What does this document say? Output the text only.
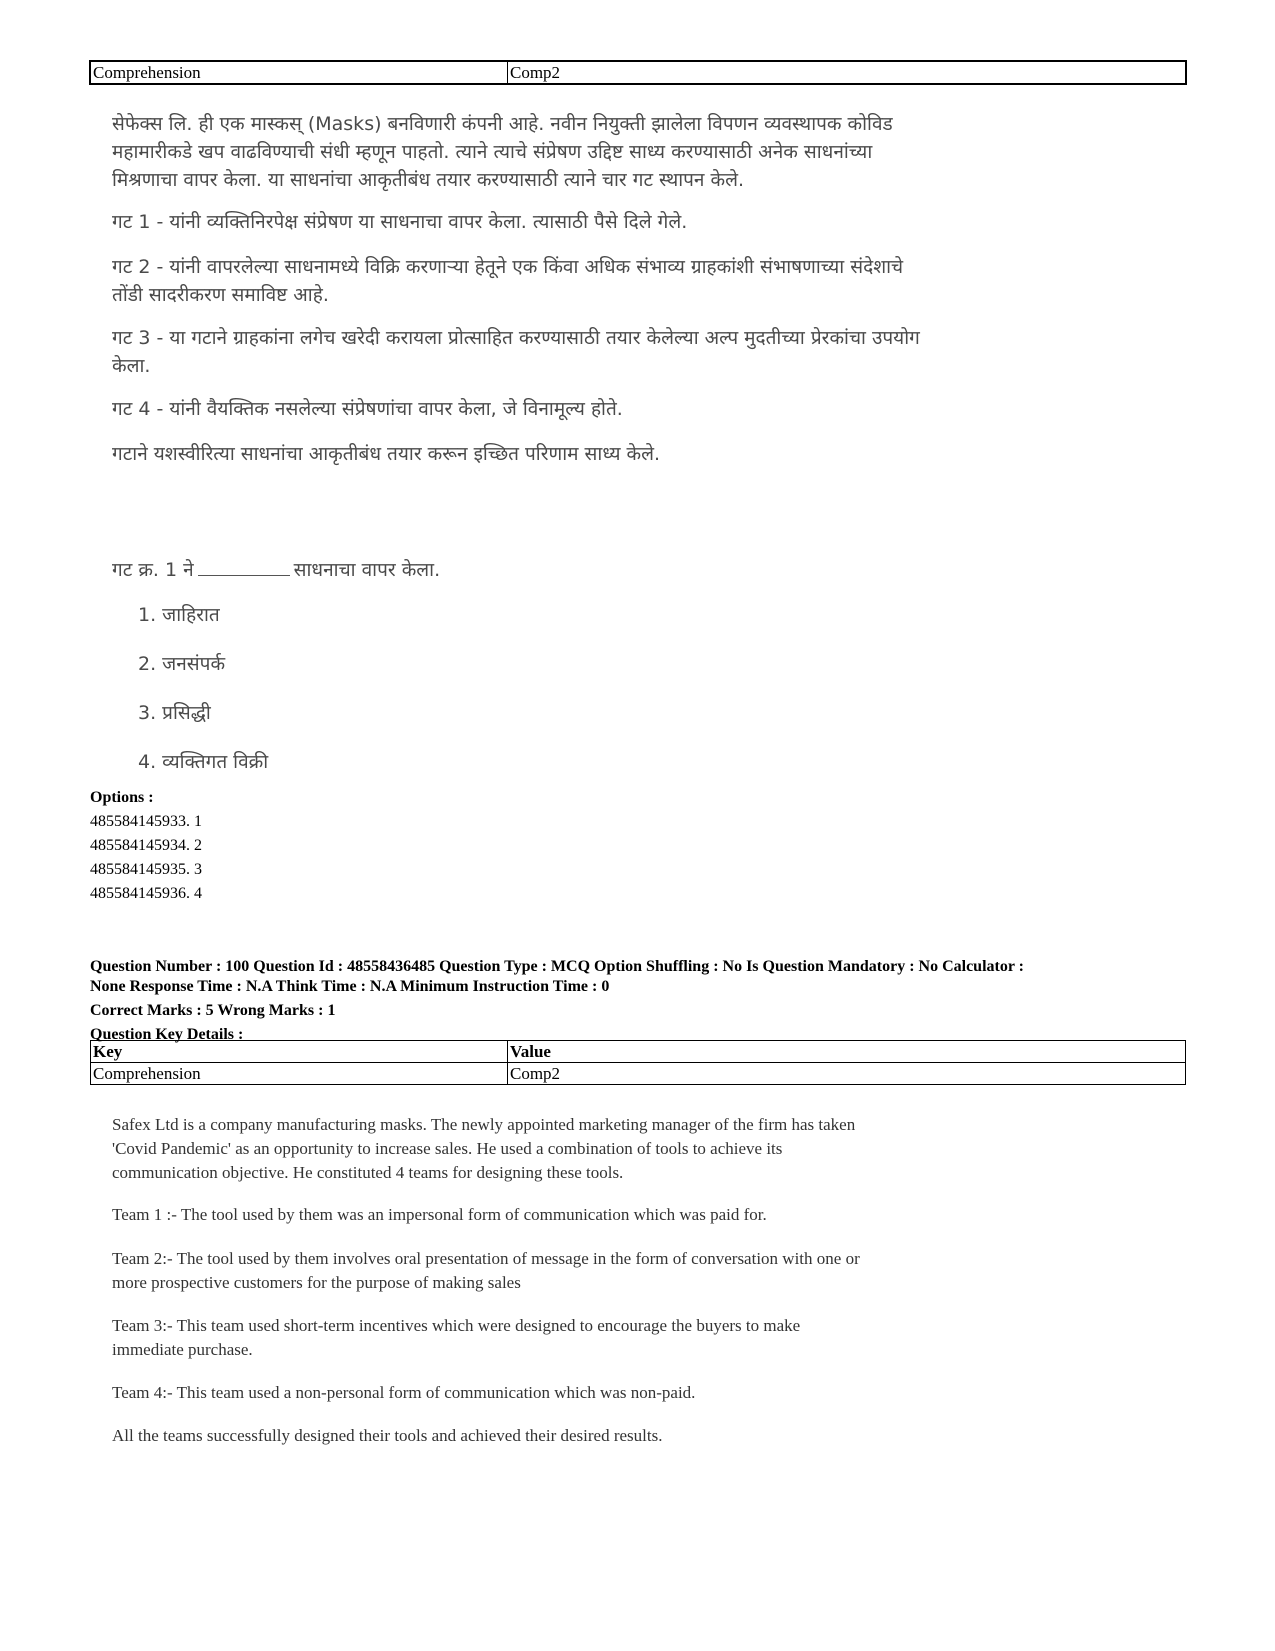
Comprehension	Comp2

सेफेक्स लि. ही एक मास्कस् (Masks) बनविणारी कंपनी आहे. नवीन नियुक्ती झालेला विपणन व्यवस्थापक कोविड

महामारीकडे खप वाढविण्याची संधी म्हणून पाहतो. त्याने त्याचे संप्रेषण उद्दिष्ट साध्य करण्यासाठी अनेक साधनांच्या

मिश्रणाचा वापर केला. या साधनांचा आकृतीबंध तयार करण्यासाठी त्याने चार गट स्थापन केले.

गट 1 - यांनी व्यक्तिनिरपेक्ष संप्रेषण या साधनाचा वापर केला. त्यासाठी पैसे दिले गेले.

गट 2 - यांनी वापरलेल्या साधनामध्ये विक्रि करणाऱ्या हेतूने एक किंवा अधिक संभाव्य ग्राहकांशी संभाषणाच्या संदेशाचे

तोंडी सादरीकरण समाविष्ट आहे.

गट 3 - या गटाने ग्राहकांना लगेच खरेदी करायला प्रोत्साहित करण्यासाठी तयार केलेल्या अल्प मुदतीच्या प्रेरकांचा उपयोग

केला.

गट 4 - यांनी वैयक्तिक नसलेल्या संप्रेषणांचा वापर केला, जे विनामूल्य होते.

गटाने यशस्वीरित्या साधनांचा आकृतीबंध तयार करून इच्छित परिणाम साध्य केले.

गट क्र. 1 ने	साधनाचा वापर केला.
1. जाहिरात
2. जनसंपर्क
3. प्रसिद्धी
4. व्यक्तिगत विक्री
Options :
485584145933. 1
485584145934. 2
485584145935. 3
485584145936. 4
Question Number : 100 Question Id : 48558436485 Question Type : MCQ Option Shuffling : No Is Question Mandatory : No Calculator :
None Response Time : N.A Think Time : N.A Minimum Instruction Time : 0
Correct Marks : 5 Wrong Marks : 1
Question Key Details :
Key	Value
Comprehension	Comp2

Safex Ltd is a company manufacturing masks. The newly appointed marketing manager of the firm has taken

'Covid Pandemic' as an opportunity to increase sales. He used a combination of tools to achieve its

communication objective. He constituted 4 teams for designing these tools.

Team 1 :- The tool used by them was an impersonal form of communication which was paid for.

Team 2:- The tool used by them involves oral presentation of message in the form of conversation with one or

more prospective customers for the purpose of making sales

Team 3:- This team used short-term incentives which were designed to encourage the buyers to make

immediate purchase.

Team 4:- This team used a non-personal form of communication which was non-paid.

All the teams successfully designed their tools and achieved their desired results.
